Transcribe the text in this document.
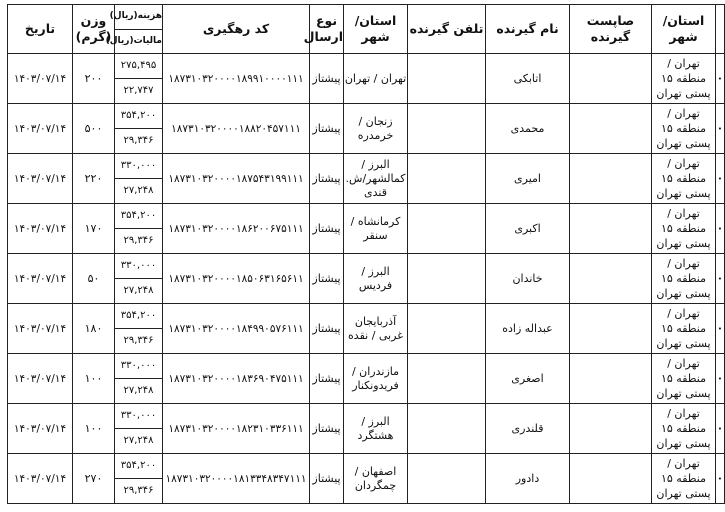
	استان/ شهر	صاپست گیرنده	نام گیرنده	تلفن گیرنده	استان/ شهر	نوع ارسال	کد رهگیری	هزینه(ریال)	وزن (گرم)	تاریخ
								مالیات(ریال)		
•	تهران / منطقه ۱۵ پستی تهران		اتابکی		تهران / تهران	پیشتاز	۱۸۷۳۱۰۳۲۰۰۰۰۱۸۹۹۱۰۰۰۰۱۱۱	۲۷۵,۴۹۵	۲۰۰	۱۴۰۳/۰۷/۱۴
								۲۲,۷۴۷		
•	تهران / منطقه ۱۵ پستی تهران		محمدی		زنجان / خرمدره	پیشتاز	۱۸۷۳۱۰۳۲۰۰۰۰۱۸۸۲۰۴۵۷۱۱۱	۳۵۴,۲۰۰	۵۰۰	۱۴۰۳/۰۷/۱۴
								۲۹,۳۴۶		
•	تهران / منطقه ۱۵ پستی تهران		امیری		البرز / کمالشهر/ش. قندی	پیشتاز	۱۸۷۳۱۰۳۲۰۰۰۰۱۸۷۵۴۳۱۹۹۱۱۱	۳۳۰,۰۰۰	۲۲۰	۱۴۰۳/۰۷/۱۴
								۲۷,۲۴۸		
•	تهران / منطقه ۱۵ پستی تهران		اکبری		کرمانشاه / سنقر	پیشتاز	۱۸۷۳۱۰۳۲۰۰۰۰۱۸۶۲۰۰۶۷۵۱۱۱	۳۵۴,۲۰۰	۱۷۰	۱۴۰۳/۰۷/۱۴
								۲۹,۳۴۶		
•	تهران / منطقه ۱۵ پستی تهران		خاندان		البرز / فردیس	پیشتاز	۱۸۷۳۱۰۳۲۰۰۰۰۱۸۵۰۶۳۱۶۵۶۱۱	۳۳۰,۰۰۰	۵۰	۱۴۰۳/۰۷/۱۴
								۲۷,۲۴۸		
•	تهران / منطقه ۱۵ پستی تهران		عبداله زاده		آذربایجان غربی / نقده	پیشتاز	۱۸۷۳۱۰۳۲۰۰۰۰۱۸۴۹۹۰۵۷۶۱۱۱	۳۵۴,۲۰۰	۱۸۰	۱۴۰۳/۰۷/۱۴
								۲۹,۳۴۶		
•	تهران / منطقه ۱۵ پستی تهران		اصغری		مازندران / فریدونکنار	پیشتاز	۱۸۷۳۱۰۳۲۰۰۰۰۱۸۳۶۹۰۴۷۵۱۱۱	۳۳۰,۰۰۰	۱۰۰	۱۴۰۳/۰۷/۱۴
								۲۷,۲۴۸		
•	تهران / منطقه ۱۵ پستی تهران		قلندری		البرز / هشتگرد	پیشتاز	۱۸۷۳۱۰۳۲۰۰۰۰۱۸۲۳۱۰۳۳۶۱۱۱	۳۳۰,۰۰۰	۱۰۰	۱۴۰۳/۰۷/۱۴
								۲۷,۲۴۸		
•	تهران / منطقه ۱۵ پستی تهران		دادور		اصفهان / چمگردان	پیشتاز	۱۸۷۳۱۰۳۲۰۰۰۰۱۸۱۳۳۴۸۳۴۷۱۱۱	۳۵۴,۲۰۰	۲۷۰	۱۴۰۳/۰۷/۱۴
								۲۹,۳۴۶		
